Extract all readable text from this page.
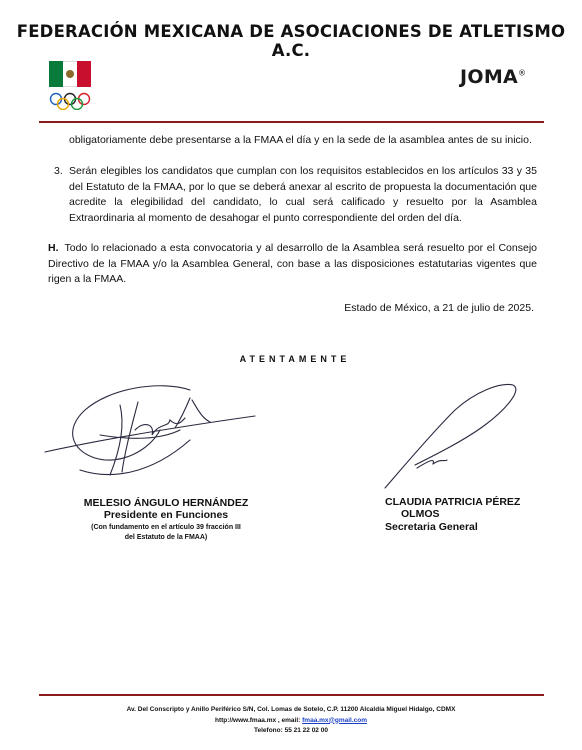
FEDERACIÓN MEXICANA DE ASOCIACIONES DE ATLETISMO A.C.
JOMA®

obligatoriamente debe presentarse a la FMAA el día y en la sede de la asamblea antes de su inicio.

3. Serán elegibles los candidatos que cumplan con los requisitos establecidos en los artículos 33 y 35 del Estatuto de la FMAA, por lo que se deberá anexar al escrito de propuesta la documentación que acredite la elegibilidad del candidato, lo cual será calificado y resuelto por la Asamblea Extraordinaria al momento de desahogar el punto correspondiente del orden del día.

H. Todo lo relacionado a esta convocatoria y al desarrollo de la Asamblea será resuelto por el Consejo Directivo de la FMAA y/o la Asamblea General, con base a las disposiciones estatutarias vigentes que rigen a la FMAA.

Estado de México, a 21 de julio de 2025.
ATENTAMENTE
MELESIO ÁNGULO HERNÁNDEZ
Presidente en Funciones
(Con fundamento en el artículo 39 fracción III
del Estatuto de la FMAA)
CLAUDIA PATRICIA PÉREZ
OLMOS
Secretaria General
Av. Del Conscripto y Anillo Periférico S/N, Col. Lomas de Sotelo, C.P. 11200 Alcaldía Miguel Hidalgo, CDMX
http://www.fmaa.mx , email: fmaa.mx@gmail.com
Telefono: 55 21 22 02 00
